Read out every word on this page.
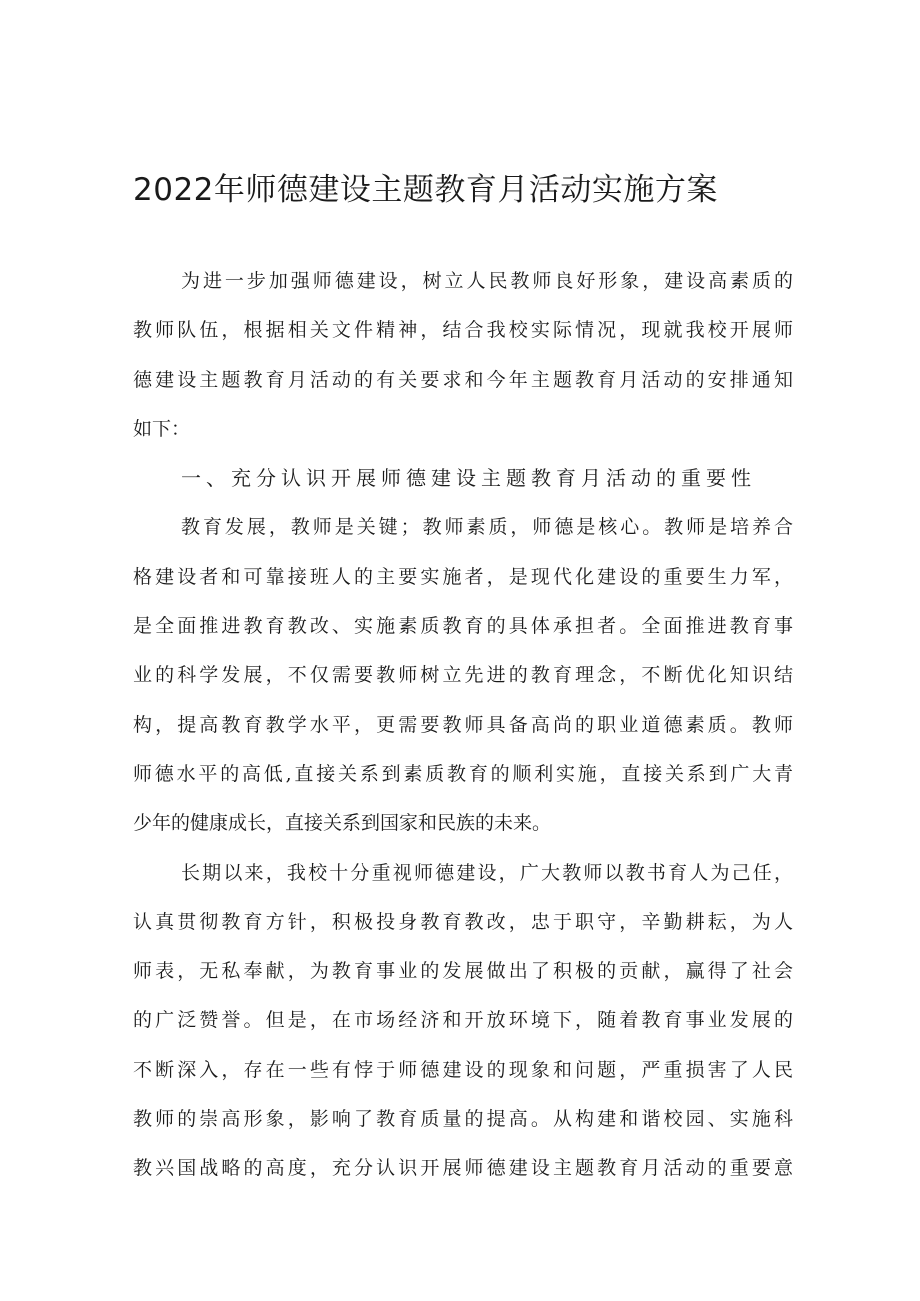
2022年师德建设主题教育月活动实施方案
为进一步加强师德建设，树立人民教师良好形象，建设高素质的
教师队伍，根据相关文件精神，结合我校实际情况，现就我校开展师
德建设主题教育月活动的有关要求和今年主题教育月活动的安排通知
如下：
一、充分认识开展师德建设主题教育月活动的重要性
教育发展，教师是关键；教师素质，师德是核心。教师是培养合
格建设者和可靠接班人的主要实施者，是现代化建设的重要生力军，
是全面推进教育教改、实施素质教育的具体承担者。全面推进教育事
业的科学发展，不仅需要教师树立先进的教育理念，不断优化知识结
构，提高教育教学水平，更需要教师具备高尚的职业道德素质。教师
师德水平的高低,直接关系到素质教育的顺利实施，直接关系到广大青
少年的健康成长，直接关系到国家和民族的未来。
长期以来，我校十分重视师德建设，广大教师以教书育人为己任，
认真贯彻教育方针，积极投身教育教改，忠于职守，辛勤耕耘，为人
师表，无私奉献，为教育事业的发展做出了积极的贡献，赢得了社会
的广泛赞誉。但是，在市场经济和开放环境下，随着教育事业发展的
不断深入，存在一些有悖于师德建设的现象和问题，严重损害了人民
教师的崇高形象，影响了教育质量的提高。从构建和谐校园、实施科
教兴国战略的高度，充分认识开展师德建设主题教育月活动的重要意
